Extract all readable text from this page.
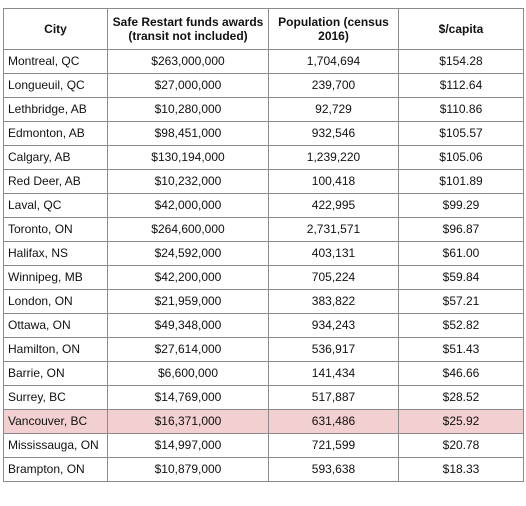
City	Safe Restart funds awards (transit not included)	Population (census 2016)	$/capita
Montreal, QC	$263,000,000	1,704,694	$154.28
Longueuil, QC	$27,000,000	239,700	$112.64
Lethbridge, AB	$10,280,000	92,729	$110.86
Edmonton, AB	$98,451,000	932,546	$105.57
Calgary, AB	$130,194,000	1,239,220	$105.06
Red Deer, AB	$10,232,000	100,418	$101.89
Laval, QC	$42,000,000	422,995	$99.29
Toronto, ON	$264,600,000	2,731,571	$96.87
Halifax, NS	$24,592,000	403,131	$61.00
Winnipeg, MB	$42,200,000	705,224	$59.84
London, ON	$21,959,000	383,822	$57.21
Ottawa, ON	$49,348,000	934,243	$52.82
Hamilton, ON	$27,614,000	536,917	$51.43
Barrie, ON	$6,600,000	141,434	$46.66
Surrey, BC	$14,769,000	517,887	$28.52
Vancouver, BC	$16,371,000	631,486	$25.92
Mississauga, ON	$14,997,000	721,599	$20.78
Brampton, ON	$10,879,000	593,638	$18.33
